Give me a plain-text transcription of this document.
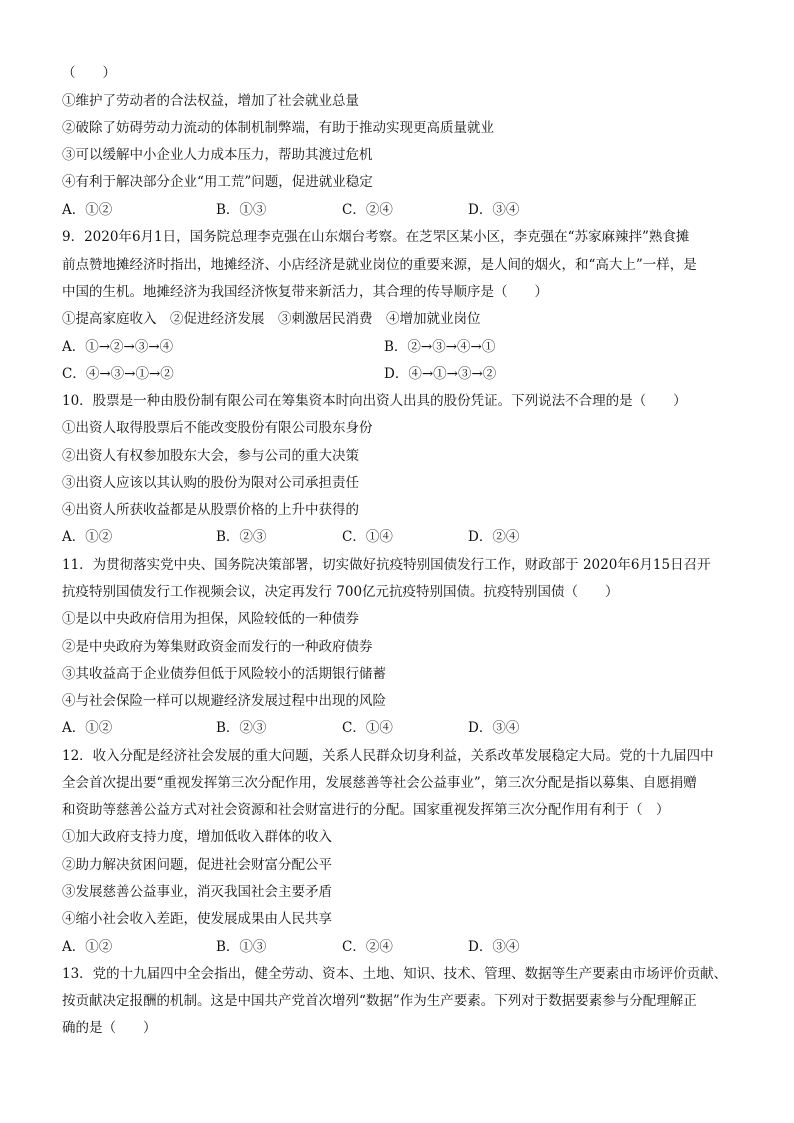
（　　）
①维护了劳动者的合法权益，增加了社会就业总量
②破除了妨碍劳动力流动的体制机制弊端，有助于推动实现更高质量就业
③可以缓解中小企业人力成本压力，帮助其渡过危机
④有利于解决部分企业“用工荒”问题，促进就业稳定
A．①②	B．①③	C．②④	D．③④
9．2020年6月1日，国务院总理李克强在山东烟台考察。在芝罘区某小区，李克强在“苏家麻辣拌”熟食摊
前点赞地摊经济时指出，地摊经济、小店经济是就业岗位的重要来源，是人间的烟火，和“高大上”一样，是
中国的生机。地摊经济为我国经济恢复带来新活力，其合理的传导顺序是（　　）
①提高家庭收入　②促进经济发展　③刺激居民消费　④增加就业岗位
A．①→②→③→④	B．②→③→④→①
C．④→③→①→②	D．④→①→③→②
10．股票是一种由股份制有限公司在筹集资本时向出资人出具的股份凭证。下列说法不合理的是（　　）
①出资人取得股票后不能改变股份有限公司股东身份
②出资人有权参加股东大会，参与公司的重大决策
③出资人应该以其认购的股份为限对公司承担责任
④出资人所获收益都是从股票价格的上升中获得的
A．①②	B．②③	C．①④	D．②④
11．为贯彻落实党中央、国务院决策部署，切实做好抗疫特别国债发行工作，财政部于 2020年6月15日召开
抗疫特别国债发行工作视频会议，决定再发行 700亿元抗疫特别国债。抗疫特别国债（　　）
①是以中央政府信用为担保，风险较低的一种债券
②是中央政府为筹集财政资金而发行的一种政府债券
③其收益高于企业债券但低于风险较小的活期银行储蓄
④与社会保险一样可以规避经济发展过程中出现的风险
A．①②	B．②③	C．①④	D．③④
12．收入分配是经济社会发展的重大问题，关系人民群众切身利益，关系改革发展稳定大局。党的十九届四中
全会首次提出要“重视发挥第三次分配作用，发展慈善等社会公益事业”，第三次分配是指以募集、自愿捐赠
和资助等慈善公益方式对社会资源和社会财富进行的分配。国家重视发挥第三次分配作用有利于（　）
①加大政府支持力度，增加低收入群体的收入
②助力解决贫困问题，促进社会财富分配公平
③发展慈善公益事业，消灭我国社会主要矛盾
④缩小社会收入差距，使发展成果由人民共享
A．①②	B．①③	C．②④	D．③④
13．党的十九届四中全会指出，健全劳动、资本、土地、知识、技术、管理、数据等生产要素由市场评价贡献、
按贡献决定报酬的机制。这是中国共产党首次增列“数据”作为生产要素。下列对于数据要素参与分配理解正
确的是（　　）
